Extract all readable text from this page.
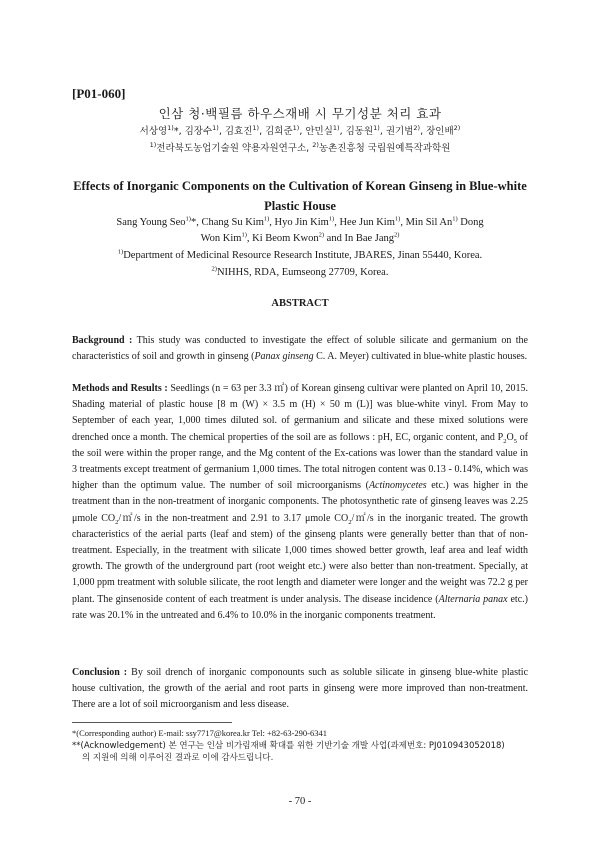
[P01-060]
인삼 청·백필름 하우스재배 시 무기성분 처리 효과
서상영$^{1)}$*, 김장수$^{1)}$, 김효진$^{1)}$, 김희준$^{1)}$, 안민실$^{1)}$, 김동원$^{1)}$, 권기범$^{2)}$, 장인배$^{2)}$
$^{1)}$전라북도농업기술원 약용자원연구소, $^{2)}$농촌진흥청 국립원예특작과학원
Effects of Inorganic Components on the Cultivation of Korean Ginseng in Blue-white Plastic House
Sang Young Seo$^{1)}$*, Chang Su Kim$^{1)}$, Hyo Jin Kim$^{1)}$, Hee Jun Kim$^{1)}$, Min Sil An$^{1)}$ Dong
Won Kim$^{1)}$, Ki Beom Kwon$^{2)}$ and In Bae Jang$^{2)}$
$^{1)}$Department of Medicinal Resource Research Institute, JBARES, Jinan 55440, Korea.
$^{2)}$NIHHS, RDA, Eumseong 27709, Korea.
ABSTRACT
Background : This study was conducted to investigate the effect of soluble silicate and germanium on the characteristics of soil and growth in ginseng (Panax ginseng C. A. Meyer) cultivated in blue-white plastic houses.
Methods and Results : Seedlings (n = 63 per 3.3 ㎡) of Korean ginseng cultivar were planted on April 10, 2015. Shading material of plastic house [8 m (W) × 3.5 m (H) × 50 m (L)] was blue-white vinyl. From May to September of each year, 1,000 times diluted sol. of germanium and silicate and these mixed solutions were drenched once a month. The chemical properties of the soil are as follows : pH, EC, organic content, and $P_2O_5$ of the soil were within the proper range, and the Mg content of the Ex-cations was lower than the standard value in 3 treatments except treatment of germanium 1,000 times. The total nitrogen content was 0.13 - 0.14%, which was higher than the optimum value. The number of soil microorganisms (Actinomycetes etc.) was higher in the treatment than in the non-treatment of inorganic components. The photosynthetic rate of ginseng leaves was 2.25 μmole $CO_2/㎡/s$ in the non-treatment and 2.91 to 3.17 μmole $CO_2/㎡/s$ in the inorganic treated. The growth characteristics of the aerial parts (leaf and stem) of the ginseng plants were generally better than that of non-treatment. Especially, in the treatment with silicate 1,000 times showed better growth, leaf area and leaf width growth. The growth of the underground part (root weight etc.) were also better than non-treatment. Specially, at 1,000 ppm treatment with soluble silicate, the root length and diameter were longer and the weight was 72.2 g per plant. The ginsenoside content of each treatment is under analysis. The disease incidence (Alternaria panax etc.) rate was 20.1% in the untreated and 6.4% to 10.0% in the inorganic components treatment.
Conclusion : By soil drench of inorganic componounts such as soluble silicate in ginseng blue-white plastic house cultivation, the growth of the aerial and root parts in ginseng were more improved than non-treatment. There are a lot of soil microorganism and less disease.
*(Corresponding author) E-mail: ssy7717@korea.kr Tel: +82-63-290-6341
**(Acknowledgement) 본 연구는 인삼 비가림재배 확대를 위한 기반기술 개발 사업(과제번호: PJ010943052018)
의 지원에 의해 이루어진 결과로 이에 감사드립니다.
- 70 -
